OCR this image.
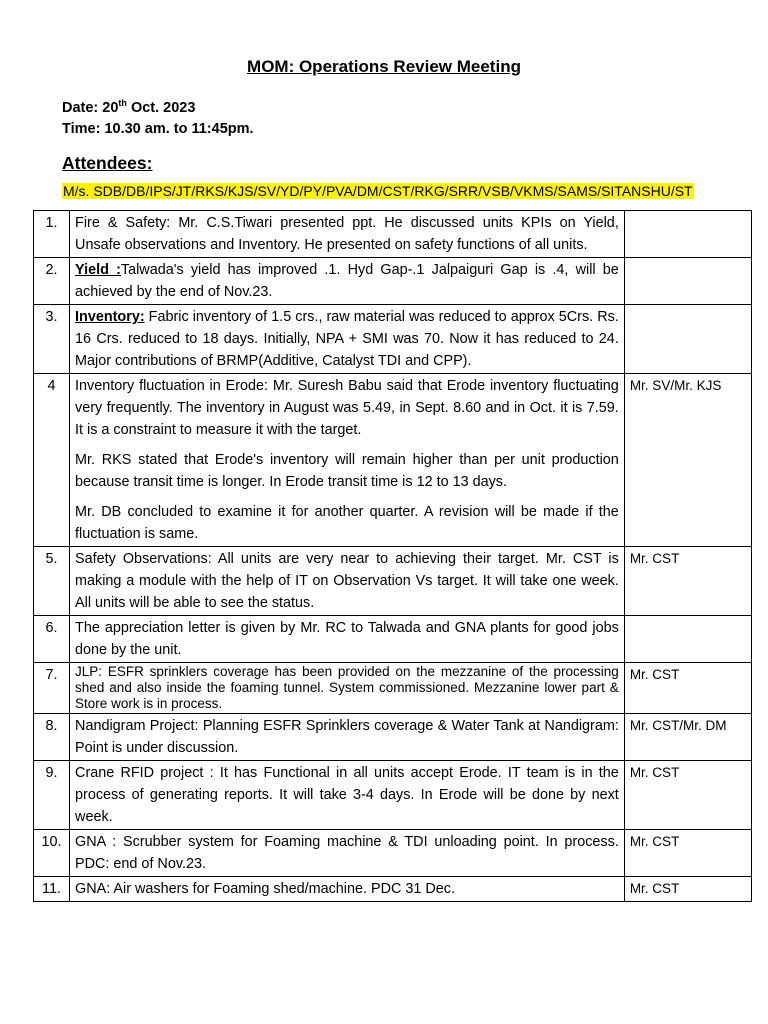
MOM: Operations Review Meeting
Date: 20th Oct. 2023
Time: 10.30 am. to 11:45pm.
Attendees:
M/s. SDB/DB/IPS/JT/RKS/KJS/SV/YD/PY/PVA/DM/CST/RKG/SRR/VSB/VKMS/SAMS/SITANSHU/ST
1.	Fire & Safety: Mr. C.S.Tiwari presented ppt. He discussed units KPIs on Yield, Unsafe observations and Inventory. He presented on safety functions of all units.	

2.	Yield :Talwada's yield has improved .1. Hyd Gap-.1 Jalpaiguri Gap is .4, will be achieved by the end of Nov.23.	

3.	Inventory: Fabric inventory of 1.5 crs., raw material was reduced to approx 5Crs. Rs. 16 Crs. reduced to 18 days. Initially, NPA + SMI was 70. Now it has reduced to 24. Major contributions of BRMP(Additive, Catalyst TDI and CPP).	

4	Inventory fluctuation in Erode: Mr. Suresh Babu said that Erode inventory fluctuating very frequently. The inventory in August was 5.49, in Sept. 8.60 and in Oct. it is 7.59. It is a constraint to measure it with the target.

Mr. RKS stated that Erode's inventory will remain higher than per unit production because transit time is longer. In Erode transit time is 12 to 13 days.

Mr. DB concluded to examine it for another quarter. A revision will be made if the fluctuation is same.	Mr. SV/Mr. KJS
5.	Safety Observations: All units are very near to achieving their target. Mr. CST is making a module with the help of IT on Observation Vs target. It will take one week. All units will be able to see the status.	Mr. CST
6.	The appreciation letter is given by Mr. RC to Talwada and GNA plants for good jobs done by the unit.	

7.	JLP: ESFR sprinklers coverage has been provided on the mezzanine of the processing shed and also inside the foaming tunnel. System commissioned. Mezzanine lower part & Store work is in process.	Mr. CST
8.	Nandigram Project: Planning ESFR Sprinklers coverage & Water Tank at Nandigram: Point is under discussion.	Mr. CST/Mr. DM
9.	Crane RFID project : It has Functional in all units accept Erode. IT team is in the process of generating reports. It will take 3-4 days. In Erode will be done by next week.	Mr. CST
10.	GNA : Scrubber system for Foaming machine & TDI unloading point. In process. PDC: end of Nov.23.	Mr. CST
11.	GNA: Air washers for Foaming shed/machine. PDC 31 Dec.	Mr. CST
